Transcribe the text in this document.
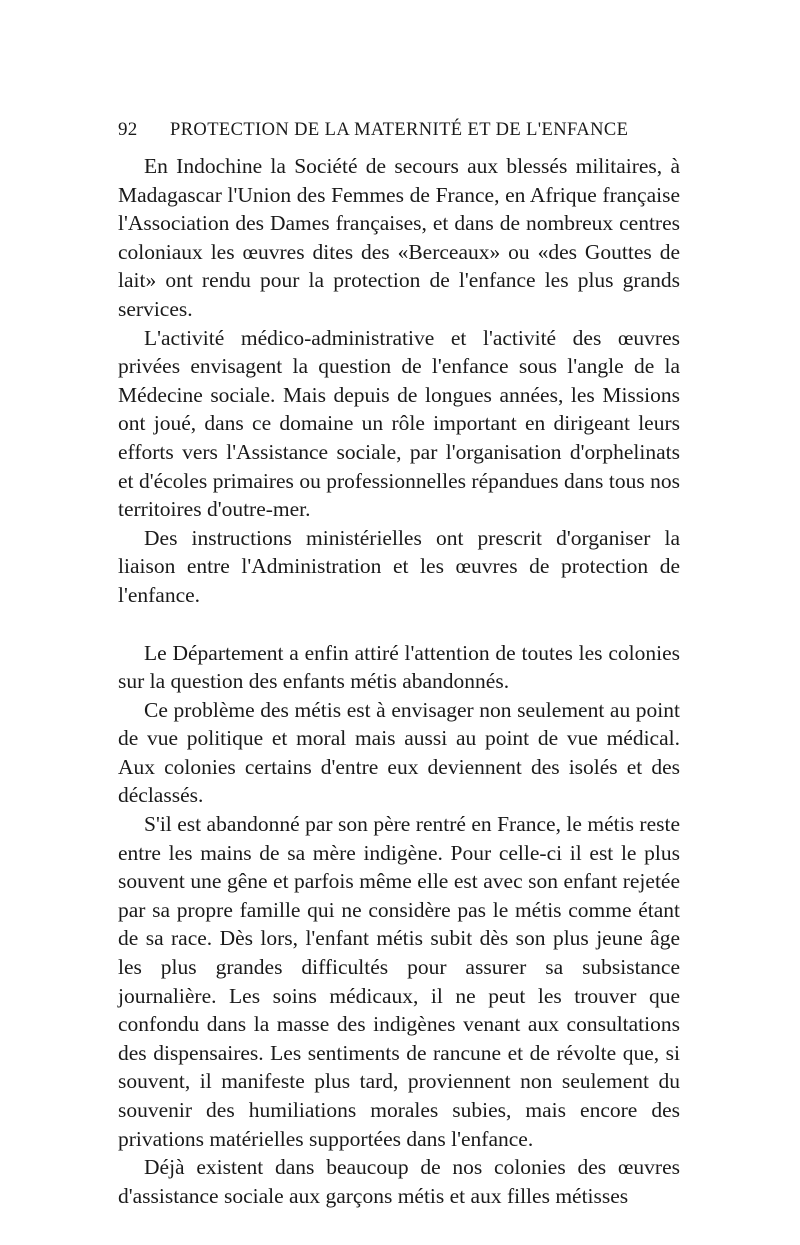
92 PROTECTION DE LA MATERNITÉ ET DE L'ENFANCE

En Indochine la Société de secours aux blessés militaires, à Madagascar l'Union des Femmes de France, en Afrique française l'Association des Dames françaises, et dans de nombreux centres coloniaux les œuvres dites des «Berceaux» ou «des Gouttes de lait» ont rendu pour la protection de l'enfance les plus grands services.

L'activité médico-administrative et l'activité des œuvres privées envisagent la question de l'enfance sous l'angle de la Médecine sociale. Mais depuis de longues années, les Missions ont joué, dans ce domaine un rôle important en dirigeant leurs efforts vers l'Assistance sociale, par l'organisation d'orphelinats et d'écoles primaires ou professionnelles répandues dans tous nos territoires d'outre-mer.

Des instructions ministérielles ont prescrit d'organiser la liaison entre l'Administration et les œuvres de protection de l'enfance.

Le Département a enfin attiré l'attention de toutes les colonies sur la question des enfants métis abandonnés.

Ce problème des métis est à envisager non seulement au point de vue politique et moral mais aussi au point de vue médical. Aux colonies certains d'entre eux deviennent des isolés et des déclassés.

S'il est abandonné par son père rentré en France, le métis reste entre les mains de sa mère indigène. Pour celle-ci il est le plus souvent une gêne et parfois même elle est avec son enfant rejetée par sa propre famille qui ne considère pas le métis comme étant de sa race. Dès lors, l'enfant métis subit dès son plus jeune âge les plus grandes difficultés pour assurer sa subsistance journalière. Les soins médicaux, il ne peut les trouver que confondu dans la masse des indigènes venant aux consultations des dispensaires. Les sentiments de rancune et de révolte que, si souvent, il manifeste plus tard, proviennent non seulement du souvenir des humiliations morales subies, mais encore des privations matérielles supportées dans l'enfance.

Déjà existent dans beaucoup de nos colonies des œuvres d'assistance sociale aux garçons métis et aux filles métisses
